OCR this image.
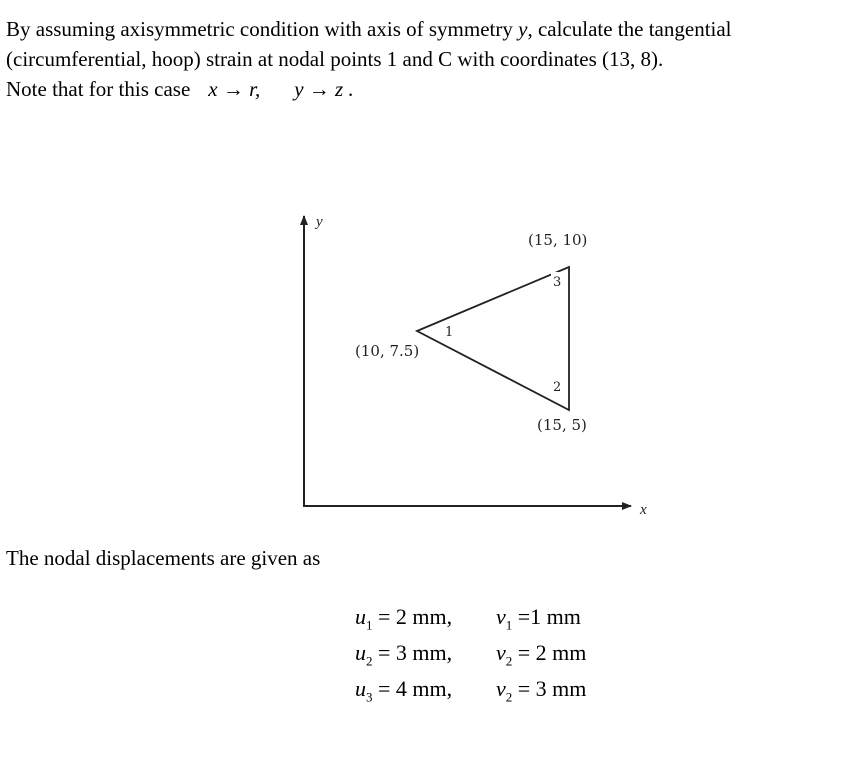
By assuming axisymmetric condition with axis of symmetry y, calculate the tangential

(circumferential, hoop) strain at nodal points 1 and C with coordinates (13, 8).

Note that for this case x → r, y → z .

y
x
1
3
(15, 10)
2
(15, 5)
(10, 7.5)
The nodal displacements are given as
$u_1 = 2$ mm, $v_1 =1$ mm
$u_2 = 3$ mm, $v_2 = 2$ mm
$u_3 = 4$ mm, $v_2 = 3$ mm
